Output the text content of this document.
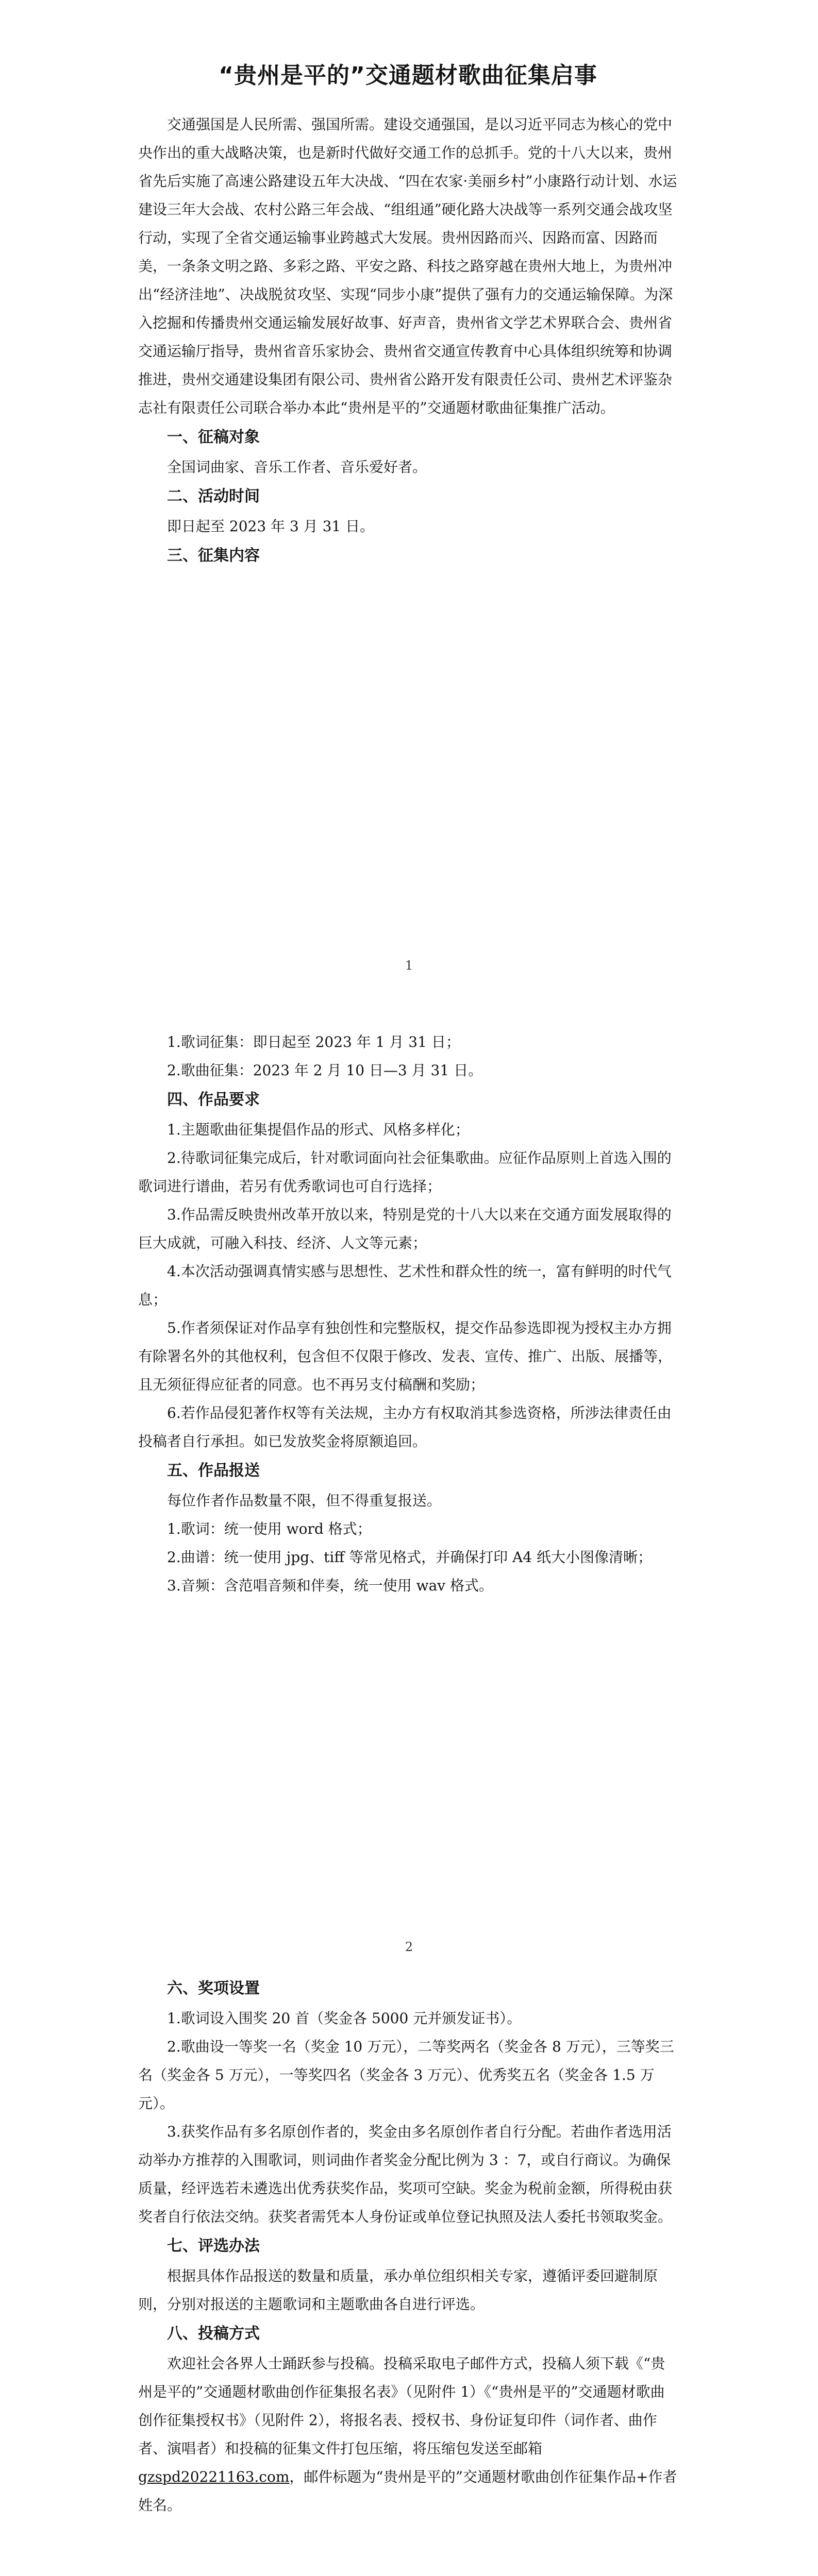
“贵州是平的”交通题材歌曲征集启事

交通强国是人民所需、强国所需。建设交通强国，是以习近平同志为核心的党中央作出的重大战略决策，也是新时代做好交通工作的总抓手。党的十八大以来，贵州省先后实施了高速公路建设五年大决战、“四在农家·美丽乡村”小康路行动计划、水运建设三年大会战、农村公路三年会战、“组组通”硬化路大决战等一系列交通会战攻坚行动，实现了全省交通运输事业跨越式大发展。贵州因路而兴、因路而富、因路而美，一条条文明之路、多彩之路、平安之路、科技之路穿越在贵州大地上，为贵州冲出“经济洼地”、决战脱贫攻坚、实现“同步小康”提供了强有力的交通运输保障。为深入挖掘和传播贵州交通运输发展好故事、好声音，贵州省文学艺术界联合会、贵州省交通运输厅指导，贵州省音乐家协会、贵州省交通宣传教育中心具体组织统筹和协调推进，贵州交通建设集团有限公司、贵州省公路开发有限责任公司、贵州艺术评鉴杂志社有限责任公司联合举办本此“贵州是平的”交通题材歌曲征集推广活动。

一、征稿对象

全国词曲家、音乐工作者、音乐爱好者。

二、活动时间

即日起至 2023 年 3 月 31 日。

三、征集内容
1

1.歌词征集：即日起至 2023 年 1 月 31 日；

2.歌曲征集：2023 年 2 月 10 日—3 月 31 日。

四、作品要求

1.主题歌曲征集提倡作品的形式、风格多样化；

2.待歌词征集完成后，针对歌词面向社会征集歌曲。应征作品原则上首选入围的歌词进行谱曲，若另有优秀歌词也可自行选择；

3.作品需反映贵州改革开放以来，特别是党的十八大以来在交通方面发展取得的巨大成就，可融入科技、经济、人文等元素；

4.本次活动强调真情实感与思想性、艺术性和群众性的统一，富有鲜明的时代气息；

5.作者须保证对作品享有独创性和完整版权，提交作品参选即视为授权主办方拥有除署名外的其他权利，包含但不仅限于修改、发表、宣传、推广、出版、展播等，且无须征得应征者的同意。也不再另支付稿酬和奖励；

6.若作品侵犯著作权等有关法规，主办方有权取消其参选资格，所涉法律责任由投稿者自行承担。如已发放奖金将原额追回。

五、作品报送

每位作者作品数量不限，但不得重复报送。

1.歌词：统一使用 word 格式；

2.曲谱：统一使用 jpg、tiff 等常见格式，并确保打印 A4 纸大小图像清晰；

3.音频：含范唱音频和伴奏，统一使用 wav 格式。

2
六、奖项设置

1.歌词设入围奖 20 首（奖金各 5000 元并颁发证书）。

2.歌曲设一等奖一名（奖金 10 万元），二等奖两名（奖金各 8 万元），三等奖三名（奖金各 5 万元），一等奖四名（奖金各 3 万元）、优秀奖五名（奖金各 1.5 万元）。

3.获奖作品有多名原创作者的，奖金由多名原创作者自行分配。若曲作者选用活动举办方推荐的入围歌词，则词曲作者奖金分配比例为 3 ：7，或自行商议。为确保质量，经评选若未遴选出优秀获奖作品，奖项可空缺。奖金为税前金额，所得税由获奖者自行依法交纳。获奖者需凭本人身份证或单位登记执照及法人委托书领取奖金。

七、评选办法

根据具体作品报送的数量和质量，承办单位组织相关专家，遵循评委回避制原则，分别对报送的主题歌词和主题歌曲各自进行评选。

八、投稿方式

欢迎社会各界人士踊跃参与投稿。投稿采取电子邮件方式，投稿人须下载《“贵州是平的”交通题材歌曲创作征集报名表》（见附件 1）《“贵州是平的”交通题材歌曲创作征集授权书》（见附件 2），将报名表、授权书、身份证复印件（词作者、曲作者、演唱者）和投稿的征集文件打包压缩，将压缩包发送至邮箱 gzspd20221163.com，邮件标题为“贵州是平的”交通题材歌曲创作征集作品+作者姓名。
